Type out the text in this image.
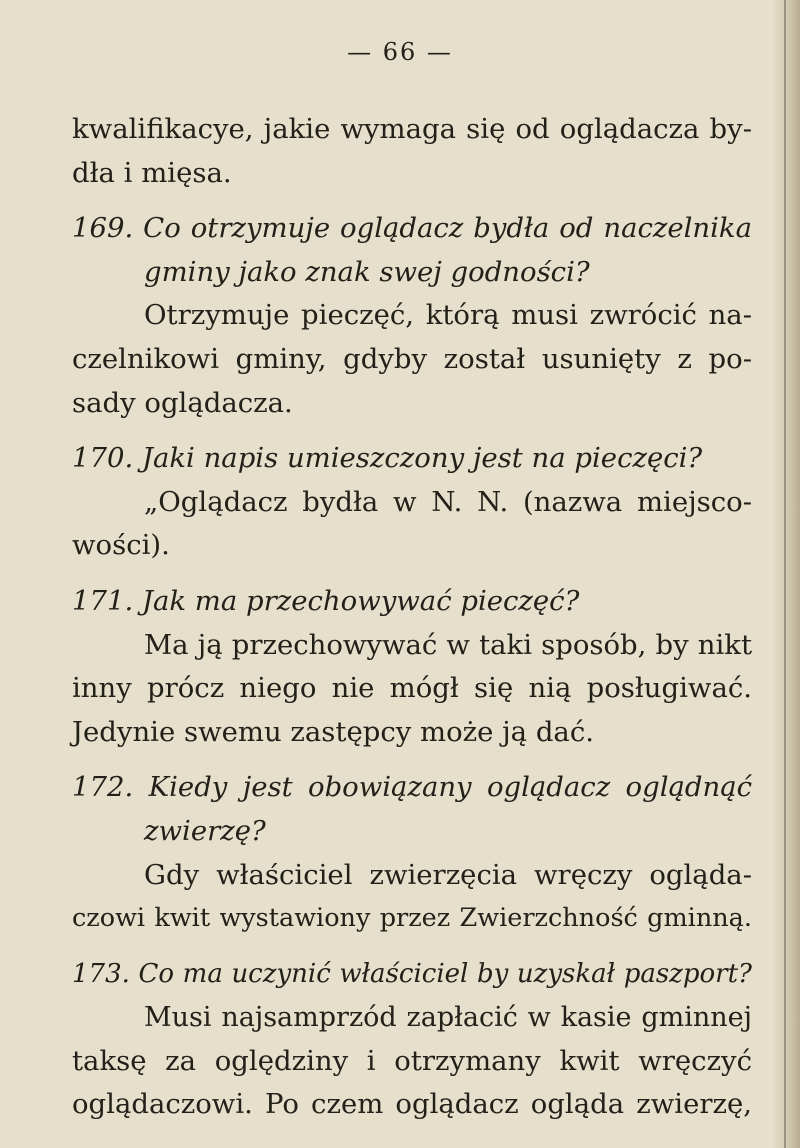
— 66 —
kwalifikacye, jakie wymaga się od oglądacza by-
dła i mięsa.
169. Co otrzymuje oglądacz bydła od naczelnika
gminy jako znak swej godności?
Otrzymuje pieczęć, którą musi zwrócić na-
czelnikowi gminy, gdyby został usunięty z po-
sady oglądacza.
170. Jaki napis umieszczony jest na pieczęci?
„Oglądacz bydła w N. N. (nazwa miejsco-
wości).
171. Jak ma przechowywać pieczęć?
Ma ją przechowywać w taki sposób, by nikt
inny prócz niego nie mógł się nią posługiwać.
Jedynie swemu zastępcy może ją dać.
172. Kiedy jest obowiązany oglądacz oglądnąć
zwierzę?
Gdy właściciel zwierzęcia wręczy ogląda-
czowi kwit wystawiony przez Zwierzchność gminną.
173. Co ma uczynić właściciel by uzyskał paszport?
Musi najsamprzód zapłacić w kasie gminnej
taksę za oględziny i otrzymany kwit wręczyć
oglądaczowi. Po czem oglądacz ogląda zwierzę,
